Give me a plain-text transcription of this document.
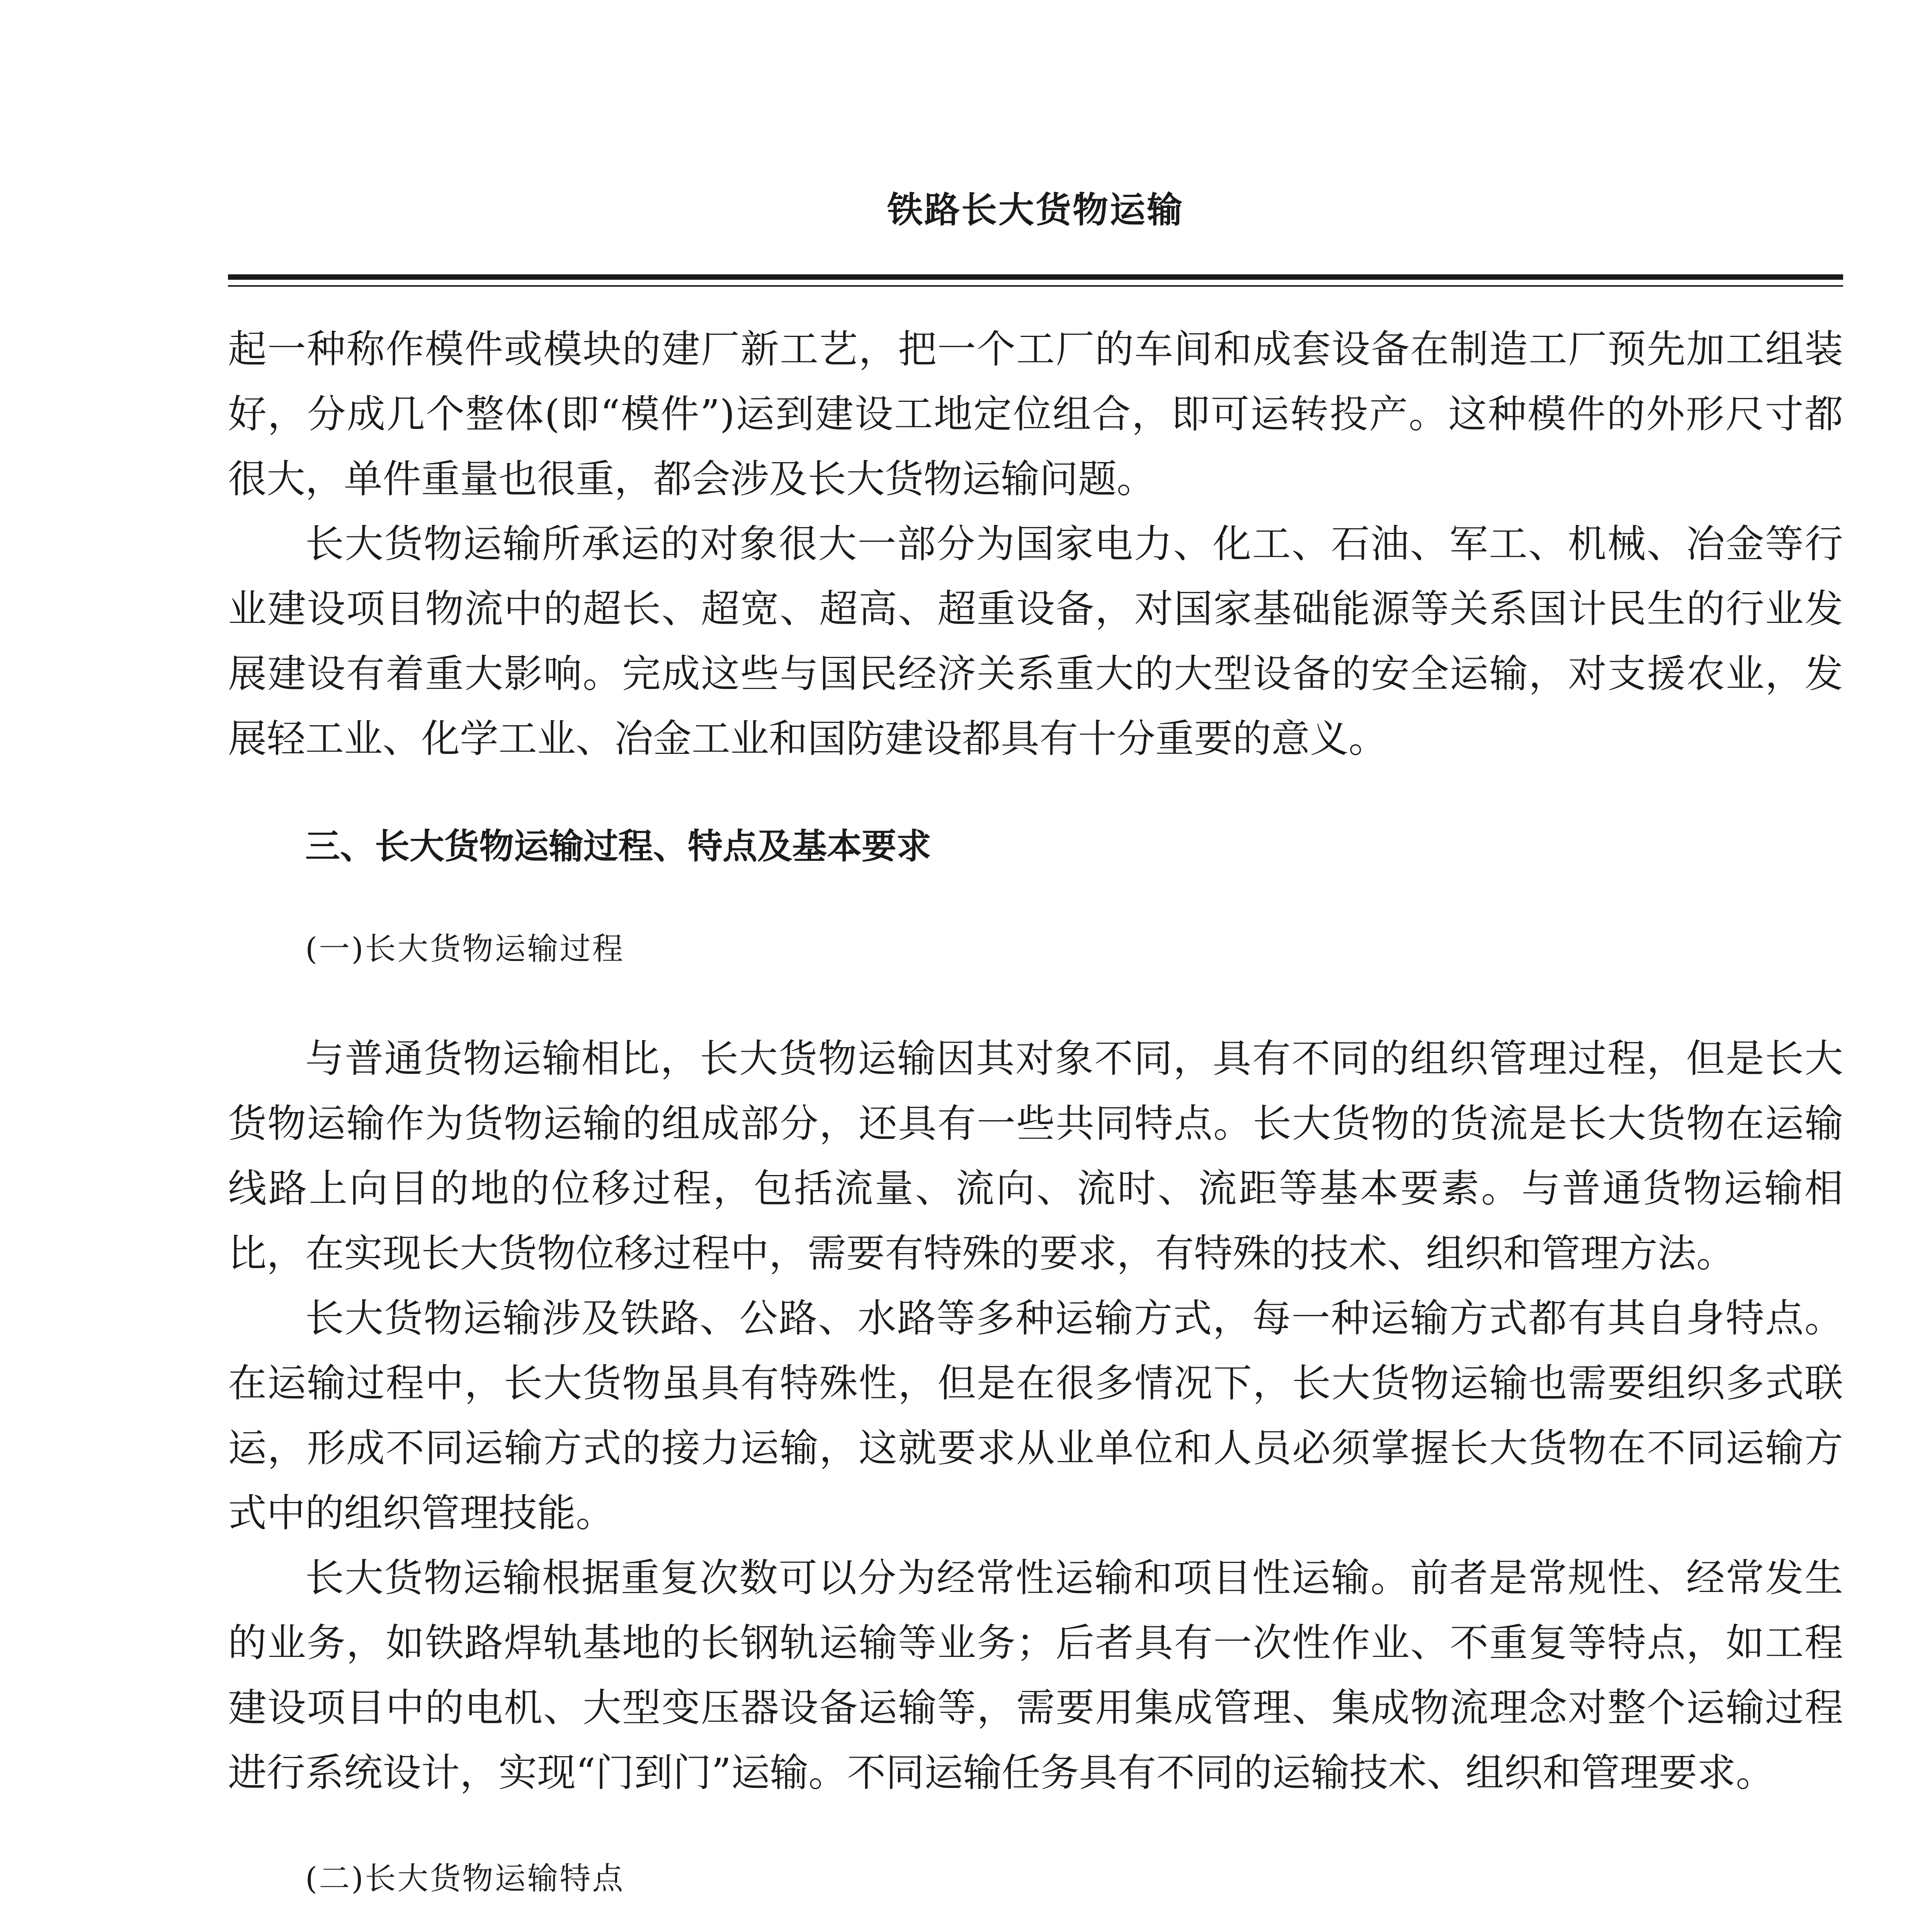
铁路长大货物运输

起一种称作模件或模块的建厂新工艺，把一个工厂的车间和成套设备在制造工厂预先加工组装好，分成几个整体(即“模件”)运到建设工地定位组合，即可运转投产。这种模件的外形尺寸都很大，单件重量也很重，都会涉及长大货物运输问题。

长大货物运输所承运的对象很大一部分为国家电力、化工、石油、军工、机械、冶金等行业建设项目物流中的超长、超宽、超高、超重设备，对国家基础能源等关系国计民生的行业发展建设有着重大影响。完成这些与国民经济关系重大的大型设备的安全运输，对支援农业，发展轻工业、化学工业、冶金工业和国防建设都具有十分重要的意义。

三、长大货物运输过程、特点及基本要求
(一)长大货物运输过程

与普通货物运输相比，长大货物运输因其对象不同，具有不同的组织管理过程，但是长大货物运输作为货物运输的组成部分，还具有一些共同特点。长大货物的货流是长大货物在运输线路上向目的地的位移过程，包括流量、流向、流时、流距等基本要素。与普通货物运输相比，在实现长大货物位移过程中，需要有特殊的要求，有特殊的技术、组织和管理方法。

长大货物运输涉及铁路、公路、水路等多种运输方式，每一种运输方式都有其自身特点。在运输过程中，长大货物虽具有特殊性，但是在很多情况下，长大货物运输也需要组织多式联运，形成不同运输方式的接力运输，这就要求从业单位和人员必须掌握长大货物在不同运输方式中的组织管理技能。

长大货物运输根据重复次数可以分为经常性运输和项目性运输。前者是常规性、经常发生的业务，如铁路焊轨基地的长钢轨运输等业务；后者具有一次性作业、不重复等特点，如工程建设项目中的电机、大型变压器设备运输等，需要用集成管理、集成物流理念对整个运输过程进行系统设计，实现“门到门”运输。不同运输任务具有不同的运输技术、组织和管理要求。

(二)长大货物运输特点
